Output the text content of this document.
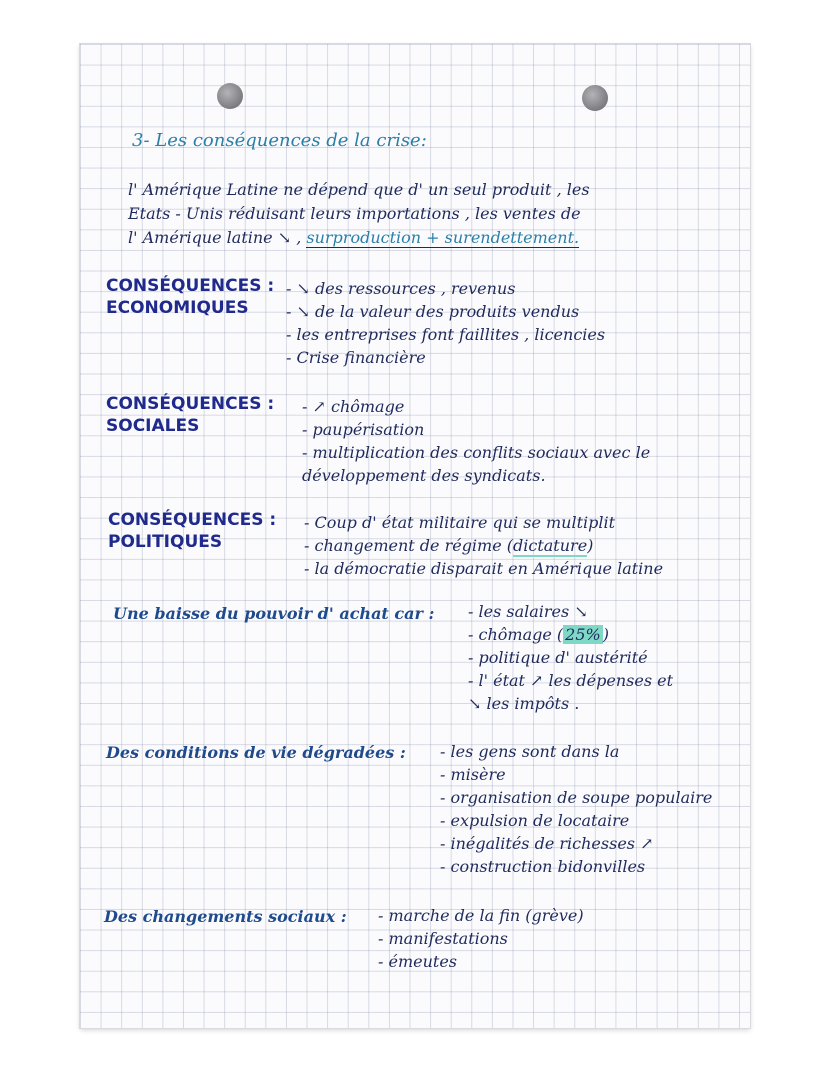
3- Les conséquences de la crise:
l' Amérique Latine ne dépend que d' un seul produit , les
Etats - Unis réduisant leurs importations , les ventes de
l' Amérique latine ↘ , surproduction + surendettement.
CONSÉQUENCES :
ECONOMIQUES
- ↘ des ressources , revenus
- ↘ de la valeur des produits vendus
- les entreprises font faillites , licencies
- Crise financière
CONSÉQUENCES :
SOCIALES
- ↗ chômage
- paupérisation
- multiplication des conflits sociaux avec le
développement des syndicats.
CONSÉQUENCES :
POLITIQUES
- Coup d' état militaire qui se multiplit
- changement de régime (dictature)
- la démocratie disparait en Amérique latine
Une baisse du pouvoir d' achat car : - les salaires ↘
- chômage ( 25% )
- politique d' austérité
- l' état ↗ les dépenses et
↘ les impôts .
Des conditions de vie dégradées : - les gens sont dans la
- misère
- organisation de soupe populaire
- expulsion de locataire
- inégalités de richesses ↗
- construction bidonvilles
Des changements sociaux : - marche de la fin (grève)
- manifestations
- émeutes
